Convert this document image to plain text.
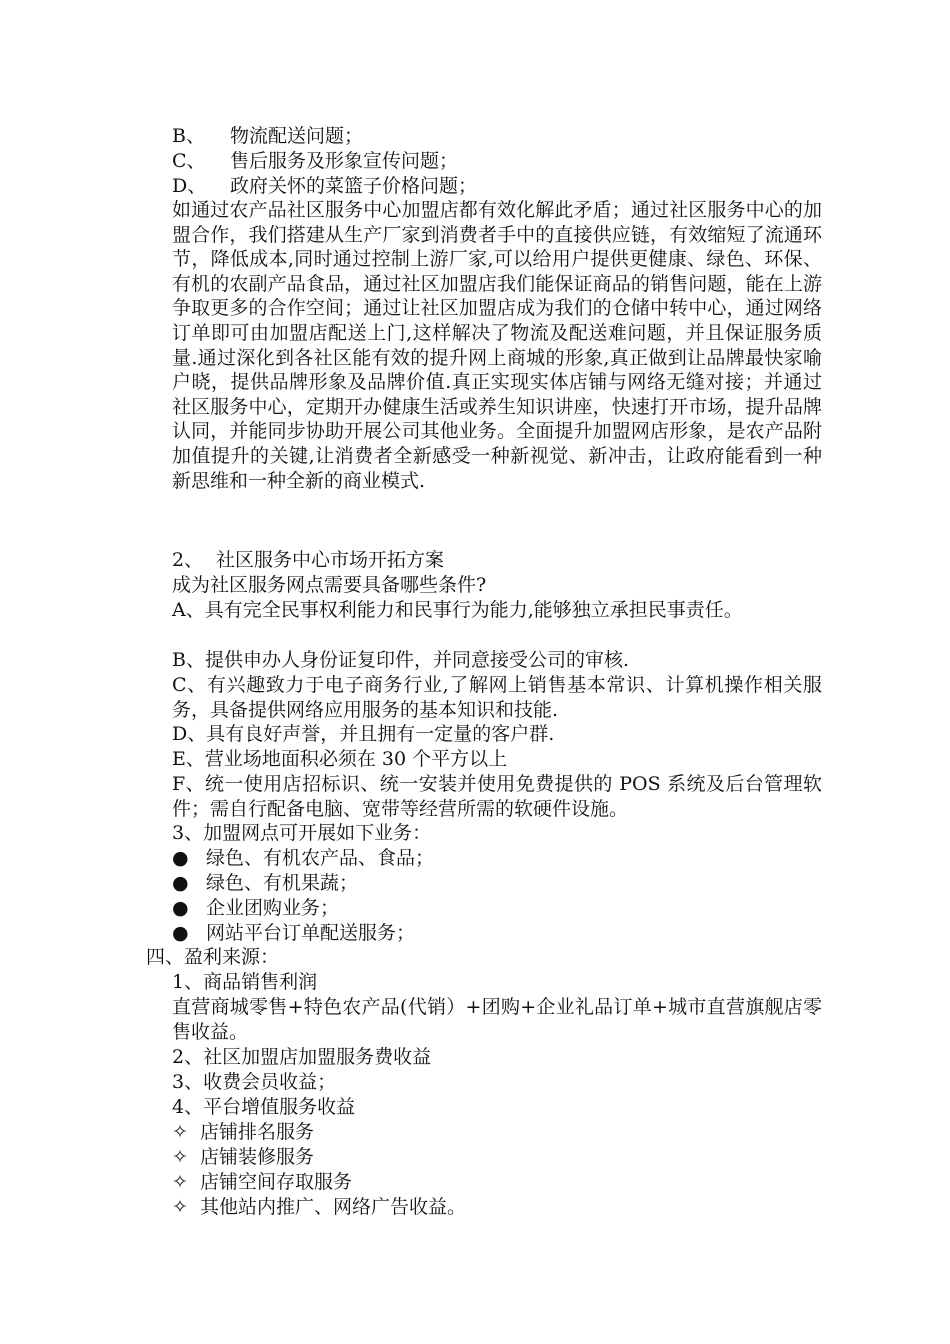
B、 物流配送问题；
C、 售后服务及形象宣传问题；
D、 政府关怀的菜篮子价格问题；
如通过农产品社区服务中心加盟店都有效化解此矛盾；通过社区服务中心的加盟合作，我们搭建从生产厂家到消费者手中的直接供应链，有效缩短了流通环节，降低成本,同时通过控制上游厂家,可以给用户提供更健康、绿色、环保、有机的农副产品食品，通过社区加盟店我们能保证商品的销售问题，能在上游争取更多的合作空间；通过让社区加盟店成为我们的仓储中转中心，通过网络订单即可由加盟店配送上门,这样解决了物流及配送难问题，并且保证服务质量.通过深化到各社区能有效的提升网上商城的形象,真正做到让品牌最快家喻户晓，提供品牌形象及品牌价值.真正实现实体店铺与网络无缝对接；并通过社区服务中心，定期开办健康生活或养生知识讲座，快速打开市场，提升品牌认同，并能同步协助开展公司其他业务。全面提升加盟网店形象，是农产品附加值提升的关键,让消费者全新感受一种新视觉、新冲击，让政府能看到一种新思维和一种全新的商业模式.
2、 社区服务中心市场开拓方案
成为社区服务网点需要具备哪些条件?
A、具有完全民事权利能力和民事行为能力,能够独立承担民事责任。
B、提供申办人身份证复印件，并同意接受公司的审核.
C、有兴趣致力于电子商务行业,了解网上销售基本常识、计算机操作相关服务，具备提供网络应用服务的基本知识和技能.
D、具有良好声誉，并且拥有一定量的客户群.
E、营业场地面积必须在 30 个平方以上
F、统一使用店招标识、统一安装并使用免费提供的 POS 系统及后台管理软件；需自行配备电脑、宽带等经营所需的软硬件设施。
3、加盟网点可开展如下业务：
● 绿色、有机农产品、食品；
● 绿色、有机果蔬；
● 企业团购业务；
● 网站平台订单配送服务；
四、盈利来源：
1、商品销售利润
直营商城零售+特色农产品(代销）+团购+企业礼品订单+城市直营旗舰店零售收益。
2、社区加盟店加盟服务费收益
3、收费会员收益；
4、平台增值服务收益
✧ 店铺排名服务
✧ 店铺装修服务
✧ 店铺空间存取服务
✧ 其他站内推广、网络广告收益。
